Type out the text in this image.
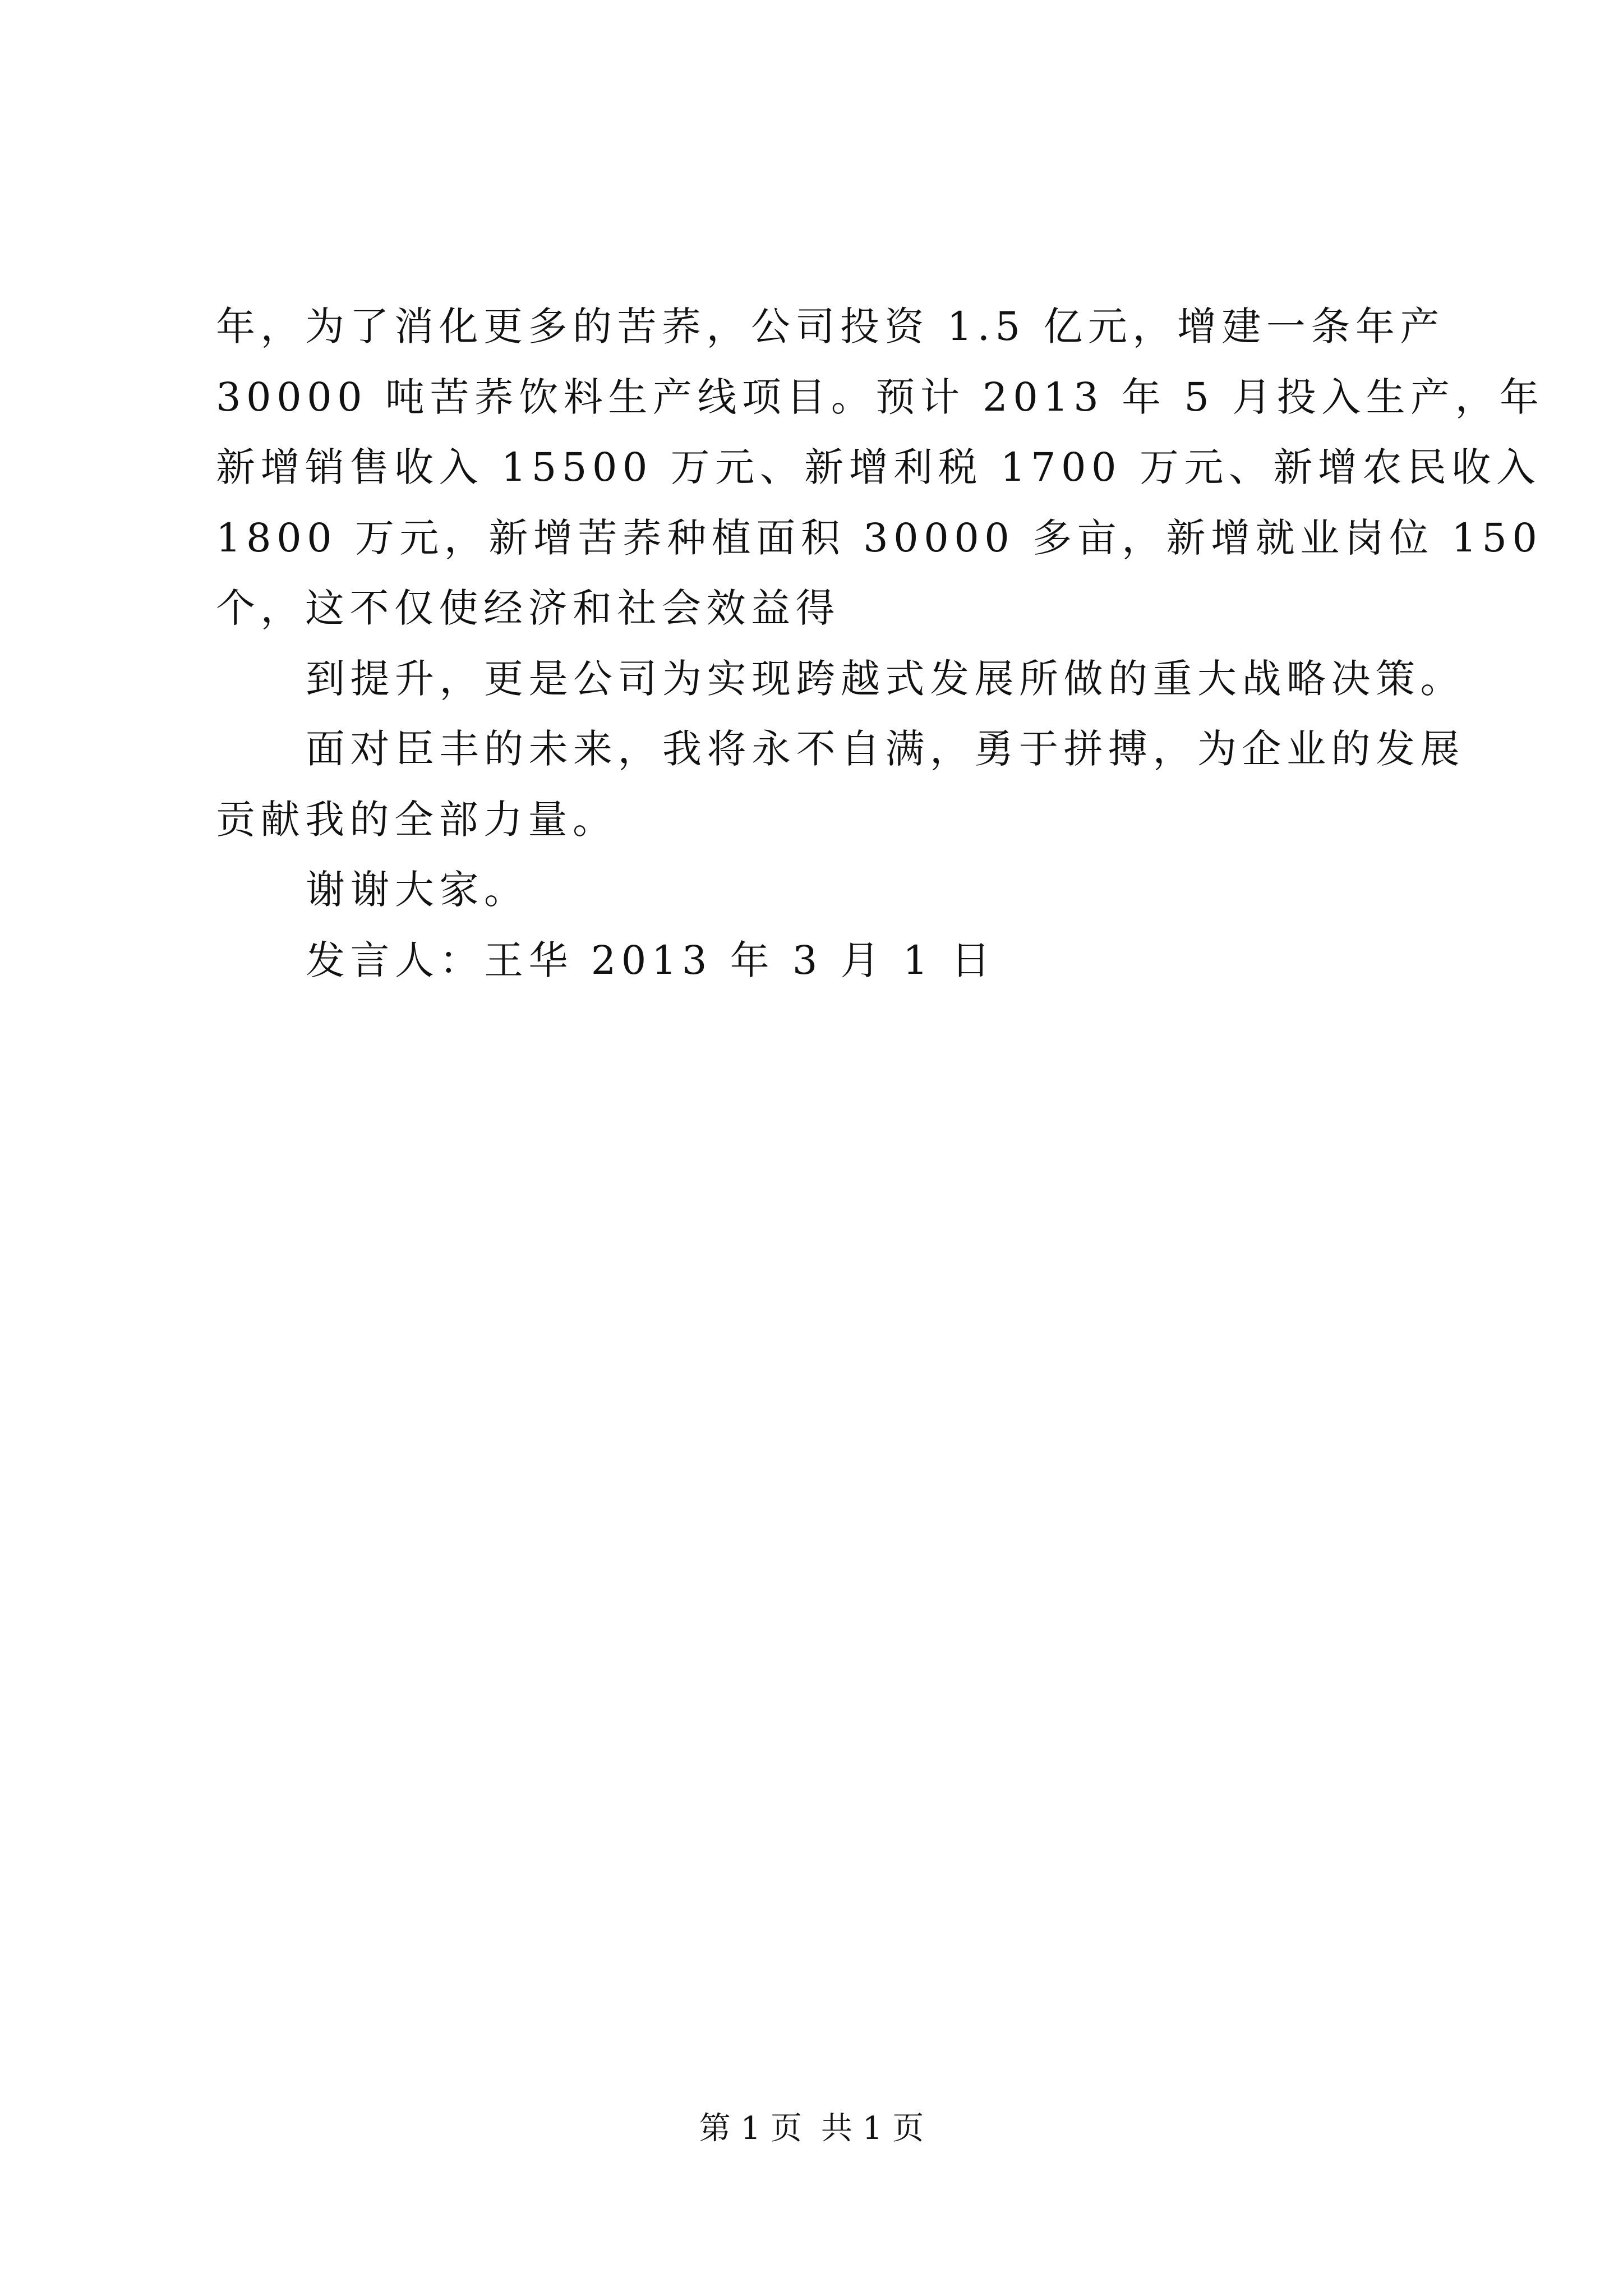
年，为了消化更多的苦荞，公司投资 1.5 亿元，增建一条年产

30000 吨苦荞饮料生产线项目。预计 2013 年 5 月投入生产，年

新增销售收入 15500 万元、新增利税 1700 万元、新增农民收入

1800 万元，新增苦荞种植面积 30000 多亩，新增就业岗位 150

个，这不仅使经济和社会效益得

到提升，更是公司为实现跨越式发展所做的重大战略决策。

面对臣丰的未来，我将永不自满，勇于拼搏，为企业的发展

贡献我的全部力量。

谢谢大家。

发言人：王华 2013 年 3 月 1 日

第 1 页 共 1 页
